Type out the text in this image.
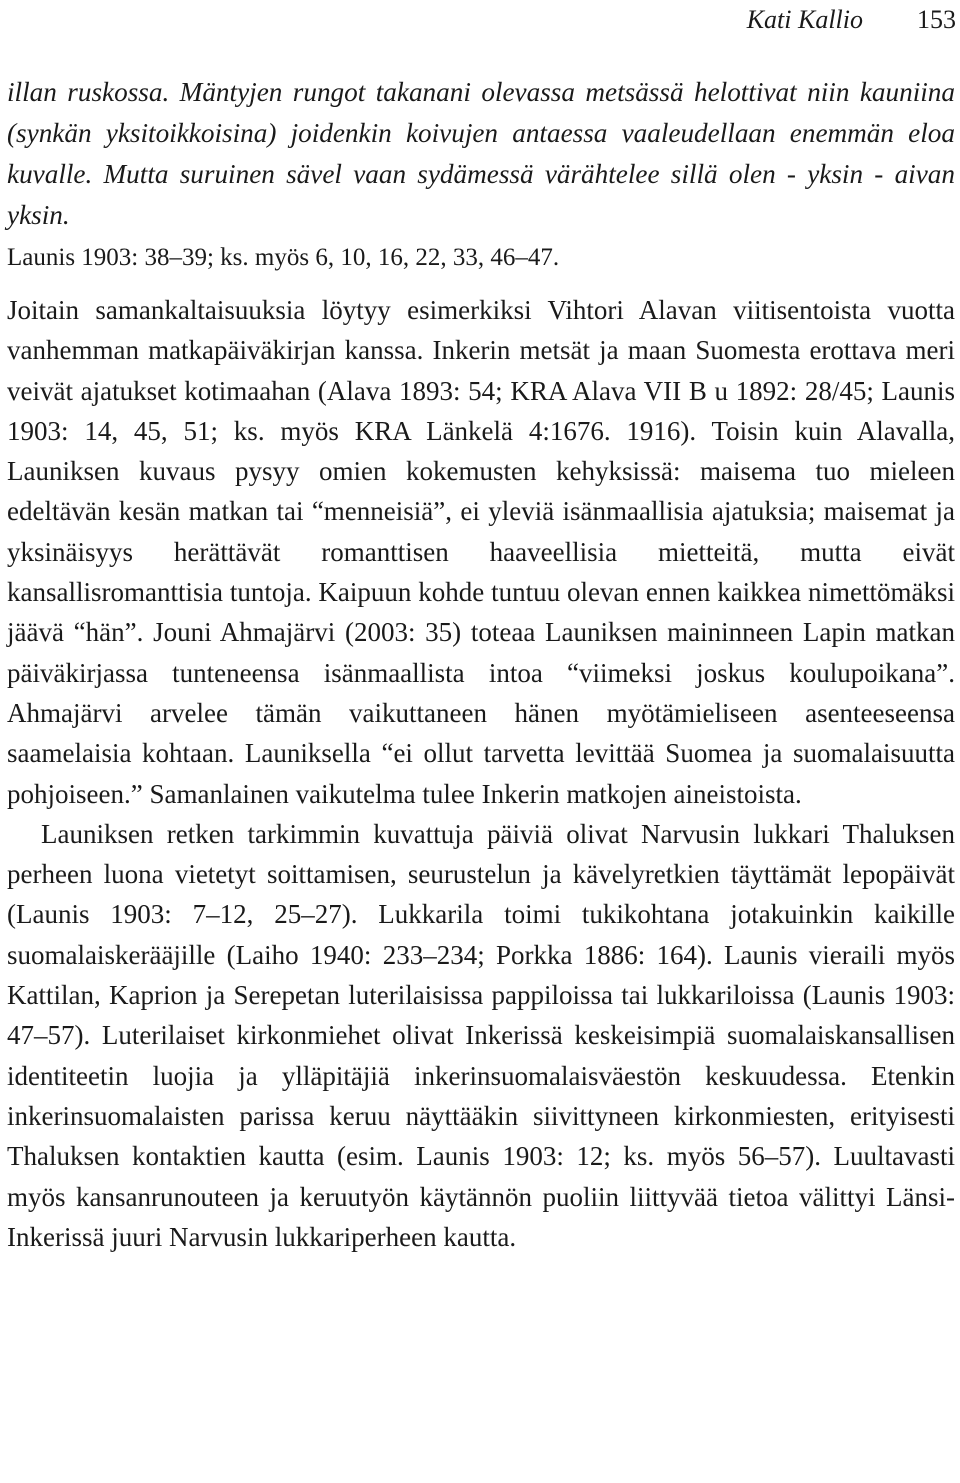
Kati Kallio 153

illan ruskossa. Mäntyjen rungot takanani olevassa metsässä helottivat niin kauniina (synkän yksitoikkoisina) joidenkin koivujen antaessa vaaleudellaan enemmän eloa kuvalle. Mutta suruinen sävel vaan sydämessä värähtelee sillä olen - yksin - aivan yksin.

Launis 1903: 38–39; ks. myös 6, 10, 16, 22, 33, 46–47.

Joitain samankaltaisuuksia löytyy esimerkiksi Vihtori Alavan viitisentoista vuotta vanhemman matkapäiväkirjan kanssa. Inkerin metsät ja maan Suomesta erottava meri veivät ajatukset kotimaahan (Alava 1893: 54; KRA Alava VII B u 1892: 28/45; Launis 1903: 14, 45, 51; ks. myös KRA Länkelä 4:1676. 1916). Toisin kuin Alavalla, Launiksen kuvaus pysyy omien kokemusten kehyksissä: maisema tuo mieleen edeltävän kesän matkan tai “menneisiä”, ei yleviä isänmaallisia ajatuksia; maisemat ja yksinäisyys herättävät romanttisen haaveellisia mietteitä, mutta eivät kansallisromanttisia tuntoja. Kaipuun kohde tuntuu olevan ennen kaikkea nimettömäksi jäävä “hän”. Jouni Ahmajärvi (2003: 35) toteaa Launiksen maininneen Lapin matkan päiväkirjassa tunteneensa isänmaallista intoa “viimeksi joskus koulupoikana”. Ahmajärvi arvelee tämän vaikuttaneen hänen myötämieliseen asenteeseensa saamelaisia kohtaan. Launiksella “ei ollut tarvetta levittää Suomea ja suomalaisuutta pohjoiseen.” Samanlainen vaikutelma tulee Inkerin matkojen aineistoista.

Launiksen retken tarkimmin kuvattuja päiviä olivat Narvusin lukkari Thaluksen perheen luona vietetyt soittamisen, seurustelun ja kävelyretkien täyttämät lepopäivät (Launis 1903: 7–12, 25–27). Lukkarila toimi tukikohtana jotakuinkin kaikille suomalaiskerääjille (Laiho 1940: 233–234; Porkka 1886: 164). Launis vieraili myös Kattilan, Kaprion ja Serepetan luterilaisissa pappiloissa tai lukkariloissa (Launis 1903: 47–57). Luterilaiset kirkonmiehet olivat Inkerissä keskeisimpiä suomalaiskansallisen identiteetin luojia ja ylläpitäjiä inkerinsuomalaisväestön keskuudessa. Etenkin inkerinsuomalaisten parissa keruu näyttääkin siivittyneen kirkonmiesten, erityisesti Thaluksen kontaktien kautta (esim. Launis 1903: 12; ks. myös 56–57). Luultavasti myös kansanrunouteen ja keruutyön käytännön puoliin liittyvää tietoa välittyi Länsi-Inkerissä juuri Narvusin lukkariperheen kautta.
